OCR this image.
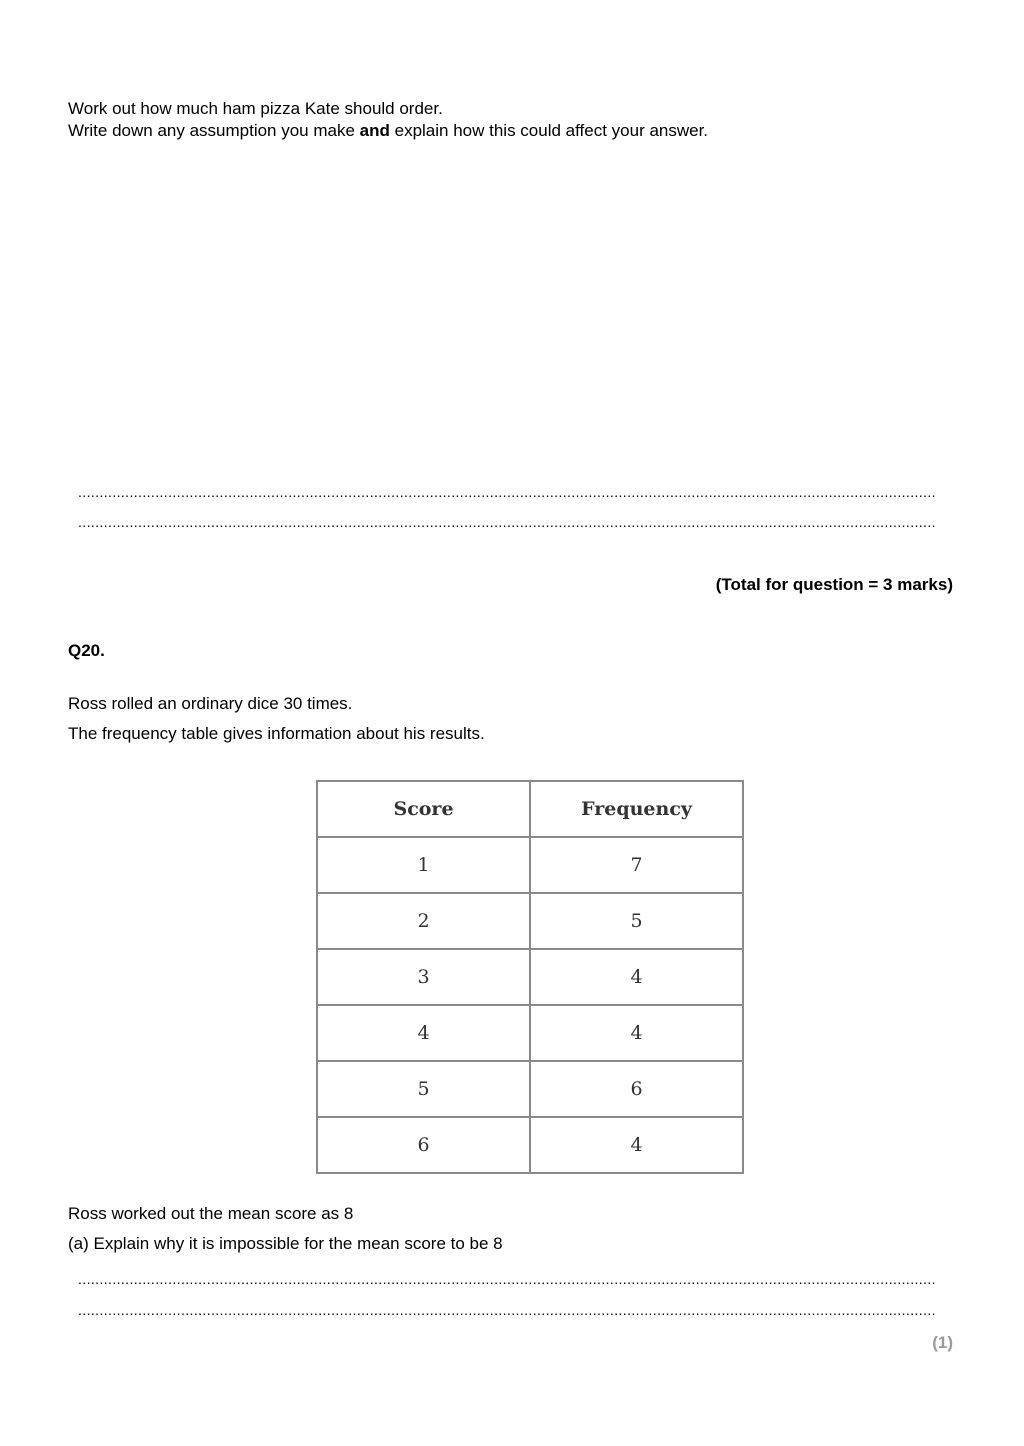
Work out how much ham pizza Kate should order.
Write down any assumption you make and explain how this could affect your answer.
........................................................................................................................................................................................................
........................................................................................................................................................................................................
(Total for question = 3 marks)
Q20.
Ross rolled an ordinary dice 30 times.
The frequency table gives information about his results.
Score	Frequency
1	7
2	5
3	4
4	4
5	6
6	4
Ross worked out the mean score as 8
(a) Explain why it is impossible for the mean score to be 8
........................................................................................................................................................................................................
........................................................................................................................................................................................................
(1)
